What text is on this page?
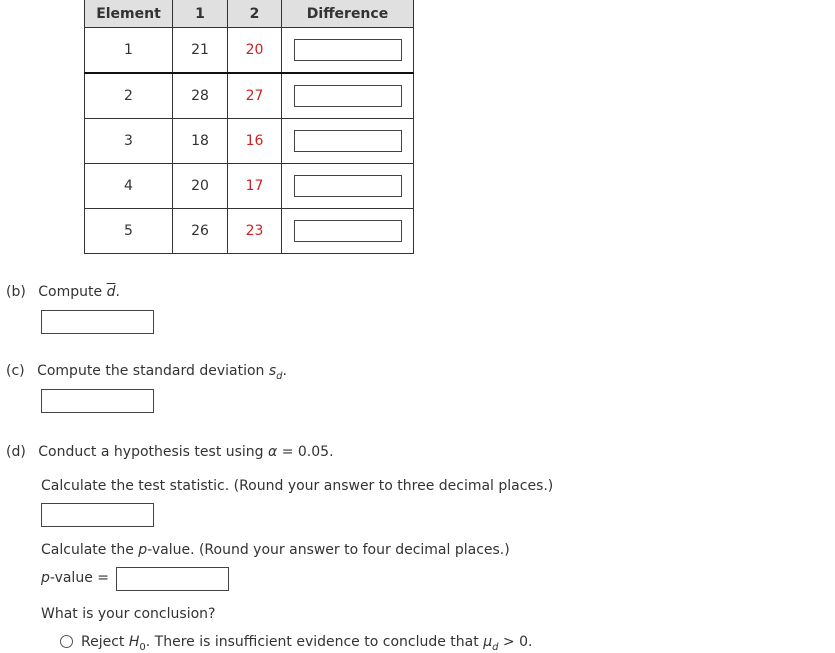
Element	1	2	Difference
1	21	20	

2	28	27	

3	18	16	

4	20	17	

5	26	23	
(b) Compute $\overline{d}$.
(c) Compute the standard deviation $s_d$.
(d) Conduct a hypothesis test using α = 0.05.
Calculate the test statistic. (Round your answer to three decimal places.)
Calculate the p-value. (Round your answer to four decimal places.)
p-value =
What is your conclusion?
Reject $H_0$. There is insufficient evidence to conclude that $\mu_d > 0$.
